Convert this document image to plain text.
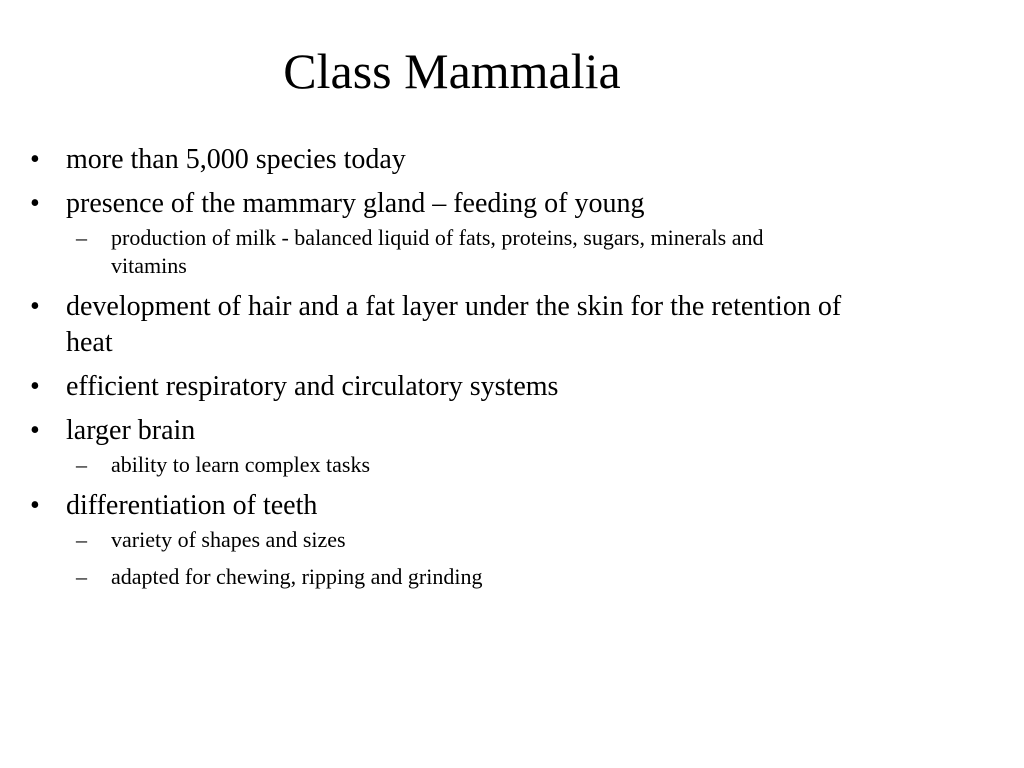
Class Mammalia
• more than 5,000 species today
• presence of the mammary gland – feeding of young
– production of milk - balanced liquid of fats, proteins, sugars, minerals and vitamins
• development of hair and a fat layer under the skin for the retention of heat
• efficient respiratory and circulatory systems
• larger brain
– ability to learn complex tasks
• differentiation of teeth
– variety of shapes and sizes
– adapted for chewing, ripping and grinding
